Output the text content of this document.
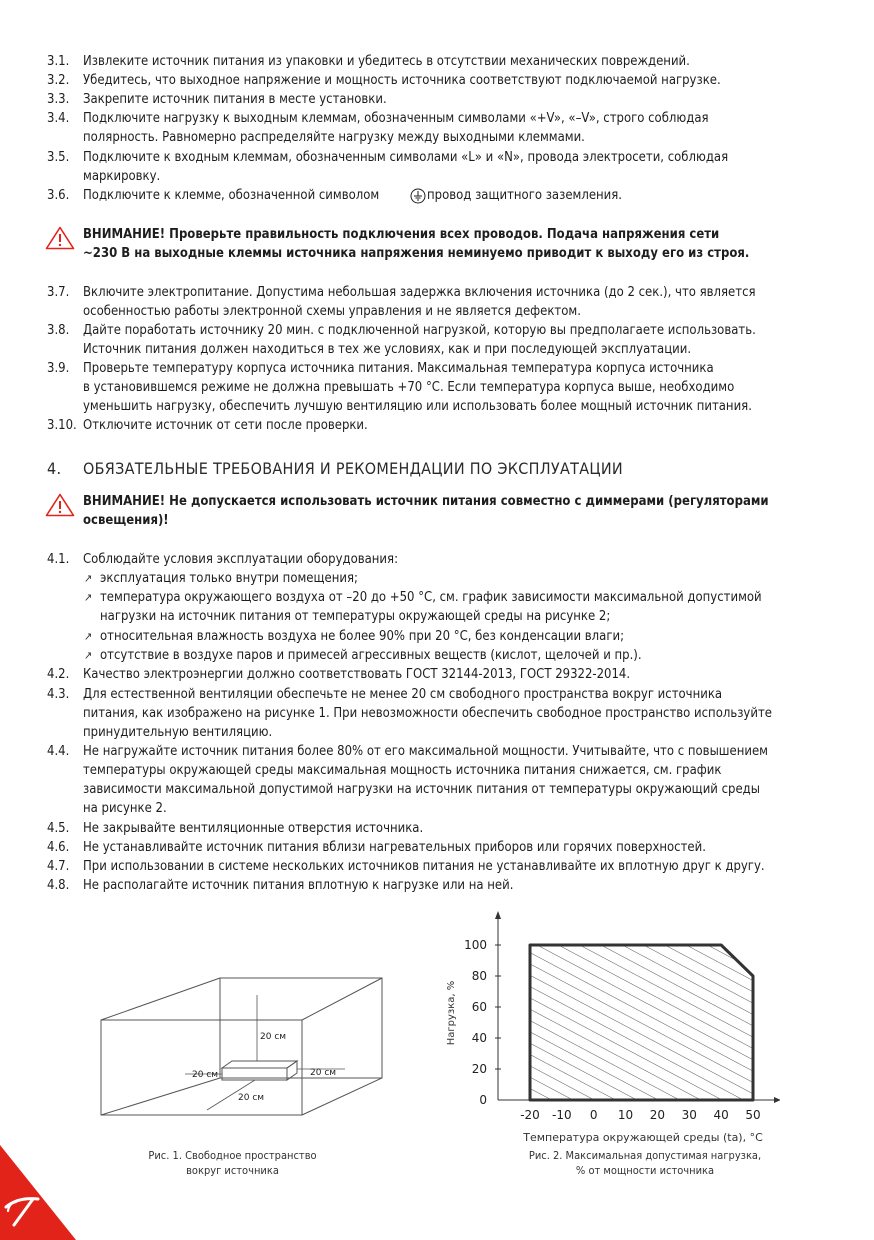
3.1. Извлеките источник питания из упаковки и убедитесь в отсутствии механических повреждений.
3.2. Убедитесь, что выходное напряжение и мощность источника соответствуют подключаемой нагрузке.
3.3. Закрепите источник питания в месте установки.
3.4. Подключите нагрузку к выходным клеммам, обозначенным символами «+V», «–V», строго соблюдая
полярность. Равномерно распределяйте нагрузку между выходными клеммами.
3.5. Подключите к входным клеммам, обозначенным символами «L» и «N», провода электросети, соблюдая
маркировку.
3.6. Подключите к клемме, обозначенной символом	провод защитного заземления.
ВНИМАНИЕ! Проверьте правильность подключения всех проводов. Подача напряжения сети
~230 В на выходные клеммы источника напряжения неминуемо приводит к выходу его из строя.
3.7. Включите электропитание. Допустима небольшая задержка включения источника (до 2 сек.), что является
особенностью работы электронной схемы управления и не является дефектом.
3.8. Дайте поработать источнику 20 мин. с подключенной нагрузкой, которую вы предполагаете использовать.
Источник питания должен находиться в тех же условиях, как и при последующей эксплуатации.
3.9. Проверьте температуру корпуса источника питания. Максимальная температура корпуса источника
в установившемся режиме не должна превышать +70 °С. Если температура корпуса выше, необходимо
уменьшить нагрузку, обеспечить лучшую вентиляцию или использовать более мощный источник питания.
3.10. Отключите источник от сети после проверки.
4. ОБЯЗАТЕЛЬНЫЕ ТРЕБОВАНИЯ И РЕКОМЕНДАЦИИ ПО ЭКСПЛУАТАЦИИ
ВНИМАНИЕ! Не допускается использовать источник питания совместно с диммерами (регуляторами
освещения)!
4.1. Соблюдайте условия эксплуатации оборудования:
↗ эксплуатация только внутри помещения;
↗ температура окружающего воздуха от –20 до +50 °С, см. график зависимости максимальной допустимой
нагрузки на источник питания от температуры окружающей среды на рисунке 2;
↗ относительная влажность воздуха не более 90% при 20 °С, без конденсации влаги;
↗ отсутствие в воздухе паров и примесей агрессивных веществ (кислот, щелочей и пр.).
4.2. Качество электроэнергии должно соответствовать ГОСТ 32144-2013, ГОСТ 29322-2014.
4.3. Для естественной вентиляции обеспечьте не менее 20 см свободного пространства вокруг источника
питания, как изображено на рисунке 1. При невозможности обеспечить свободное пространство используйте
принудительную вентиляцию.
4.4. Не нагружайте источник питания более 80% от его максимальной мощности. Учитывайте, что с повышением
температуры окружающей среды максимальная мощность источника питания снижается, см. график
зависимости максимальной допустимой нагрузки на источник питания от температуры окружающий среды
на рисунке 2.
4.5. Не закрывайте вентиляционные отверстия источника.
4.6. Не устанавливайте источник питания вблизи нагревательных приборов или горячих поверхностей.
4.7. При использовании в системе нескольких источников питания не устанавливайте их вплотную друг к другу.
4.8. Не располагайте источник питания вплотную к нагрузке или на ней.
20 см
20 см	20 см
20 см
Рис. 1. Свободное пространство
вокруг источника
-20 -10 0 10 20 30 40 50
0
20
40
60
80
100
Нагрузка, %
Температура окружающей среды (ta), °C
Рис. 2. Максимальная допустимая нагрузка,
% от мощности источника
